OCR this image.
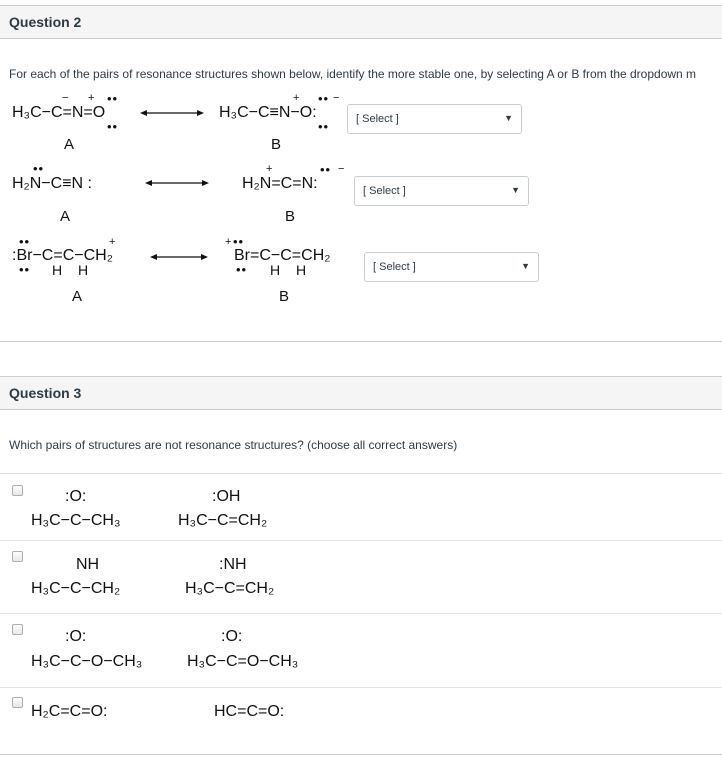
Question 2
For each of the pairs of resonance structures shown below, identify the more stable one, by selecting A or B from the dropdown m
− + ••
H₃C−C=N=O
••
+ •• −
H₃C−C≡N−O:
••
A	B
[ Select ]	▼
••
H₂N−C≡N :
+	•• −
H₂N=C=N:
A	B
[ Select ]	▼
••	+
:Br−C=C−CH₂
•• H H
+ ••
Br=C−C=CH₂
•• H H
A	B
[ Select ]	▼
Question 3
Which pairs of structures are not resonance structures? (choose all correct answers)
:O:
H₃C−C−CH₃
:OH
H₃C−C=CH₂
NH
H₃C−C−CH₂
:NH
H₃C−C=CH₂
:O:
H₃C−C−O−CH₃
:O:
H₃C−C=O−CH₃
H₂C=C=O:	HC=C=O:
